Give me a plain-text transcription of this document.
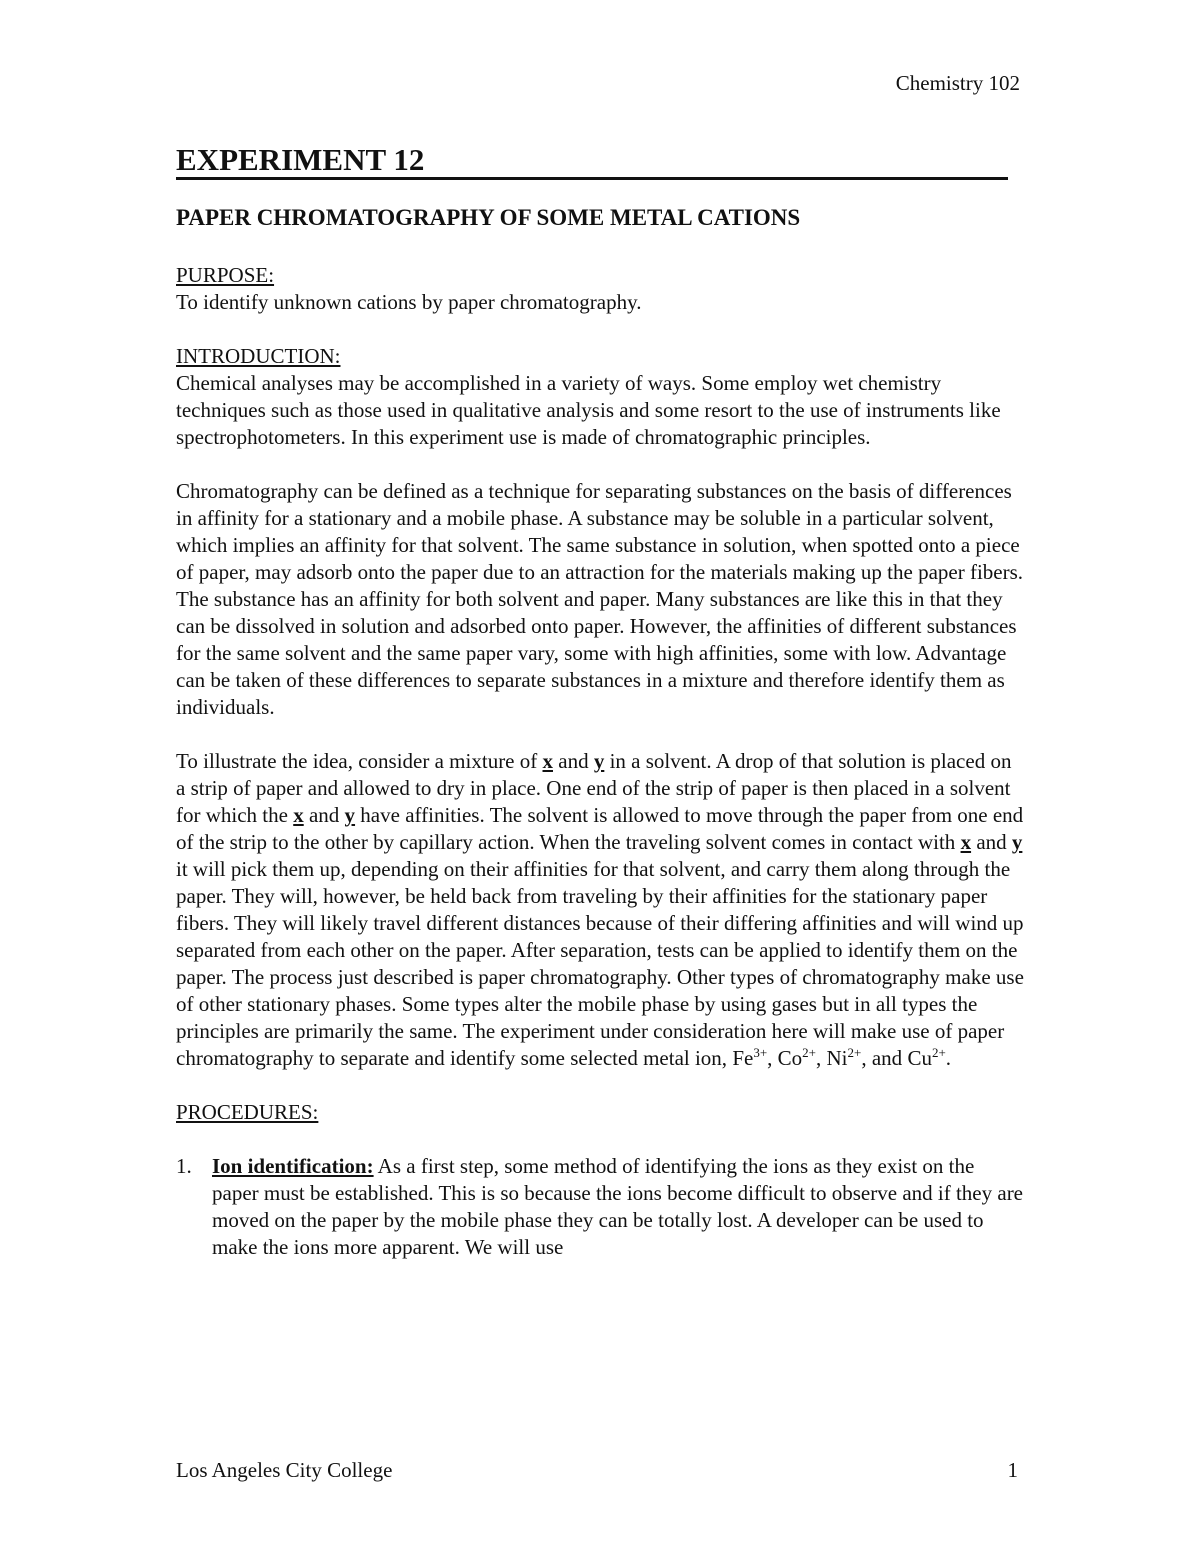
Chemistry 102
EXPERIMENT 12
PAPER CHROMATOGRAPHY OF SOME METAL CATIONS

PURPOSE:

To identify unknown cations by paper chromatography.

INTRODUCTION:

Chemical analyses may be accomplished in a variety of ways. Some employ wet chemistry techniques such as those used in qualitative analysis and some resort to the use of instruments like spectrophotometers. In this experiment use is made of chromatographic principles.

Chromatography can be defined as a technique for separating substances on the basis of differences in affinity for a stationary and a mobile phase. A substance may be soluble in a particular solvent, which implies an affinity for that solvent. The same substance in solution, when spotted onto a piece of paper, may adsorb onto the paper due to an attraction for the materials making up the paper fibers. The substance has an affinity for both solvent and paper. Many substances are like this in that they can be dissolved in solution and adsorbed onto paper. However, the affinities of different substances for the same solvent and the same paper vary, some with high affinities, some with low. Advantage can be taken of these differences to separate substances in a mixture and therefore identify them as individuals.

To illustrate the idea, consider a mixture of x and y in a solvent. A drop of that solution is placed on a strip of paper and allowed to dry in place. One end of the strip of paper is then placed in a solvent for which the x and y have affinities. The solvent is allowed to move through the paper from one end of the strip to the other by capillary action. When the traveling solvent comes in contact with x and y it will pick them up, depending on their affinities for that solvent, and carry them along through the paper. They will, however, be held back from traveling by their affinities for the stationary paper fibers. They will likely travel different distances because of their differing affinities and will wind up separated from each other on the paper. After separation, tests can be applied to identify them on the paper. The process just described is paper chromatography. Other types of chromatography make use of other stationary phases. Some types alter the mobile phase by using gases but in all types the principles are primarily the same. The experiment under consideration here will make use of paper chromatography to separate and identify some selected metal ion, $Fe^{3+}$, $Co^{2+}$, $Ni^{2+}$, and $Cu^{2+}$.

PROCEDURES:

1. Ion identification: As a first step, some method of identifying the ions as they exist on the paper must be established. This is so because the ions become difficult to observe and if they are moved on the paper by the mobile phase they can be totally lost. A developer can be used to make the ions more apparent. We will use
Los Angeles City College	1
